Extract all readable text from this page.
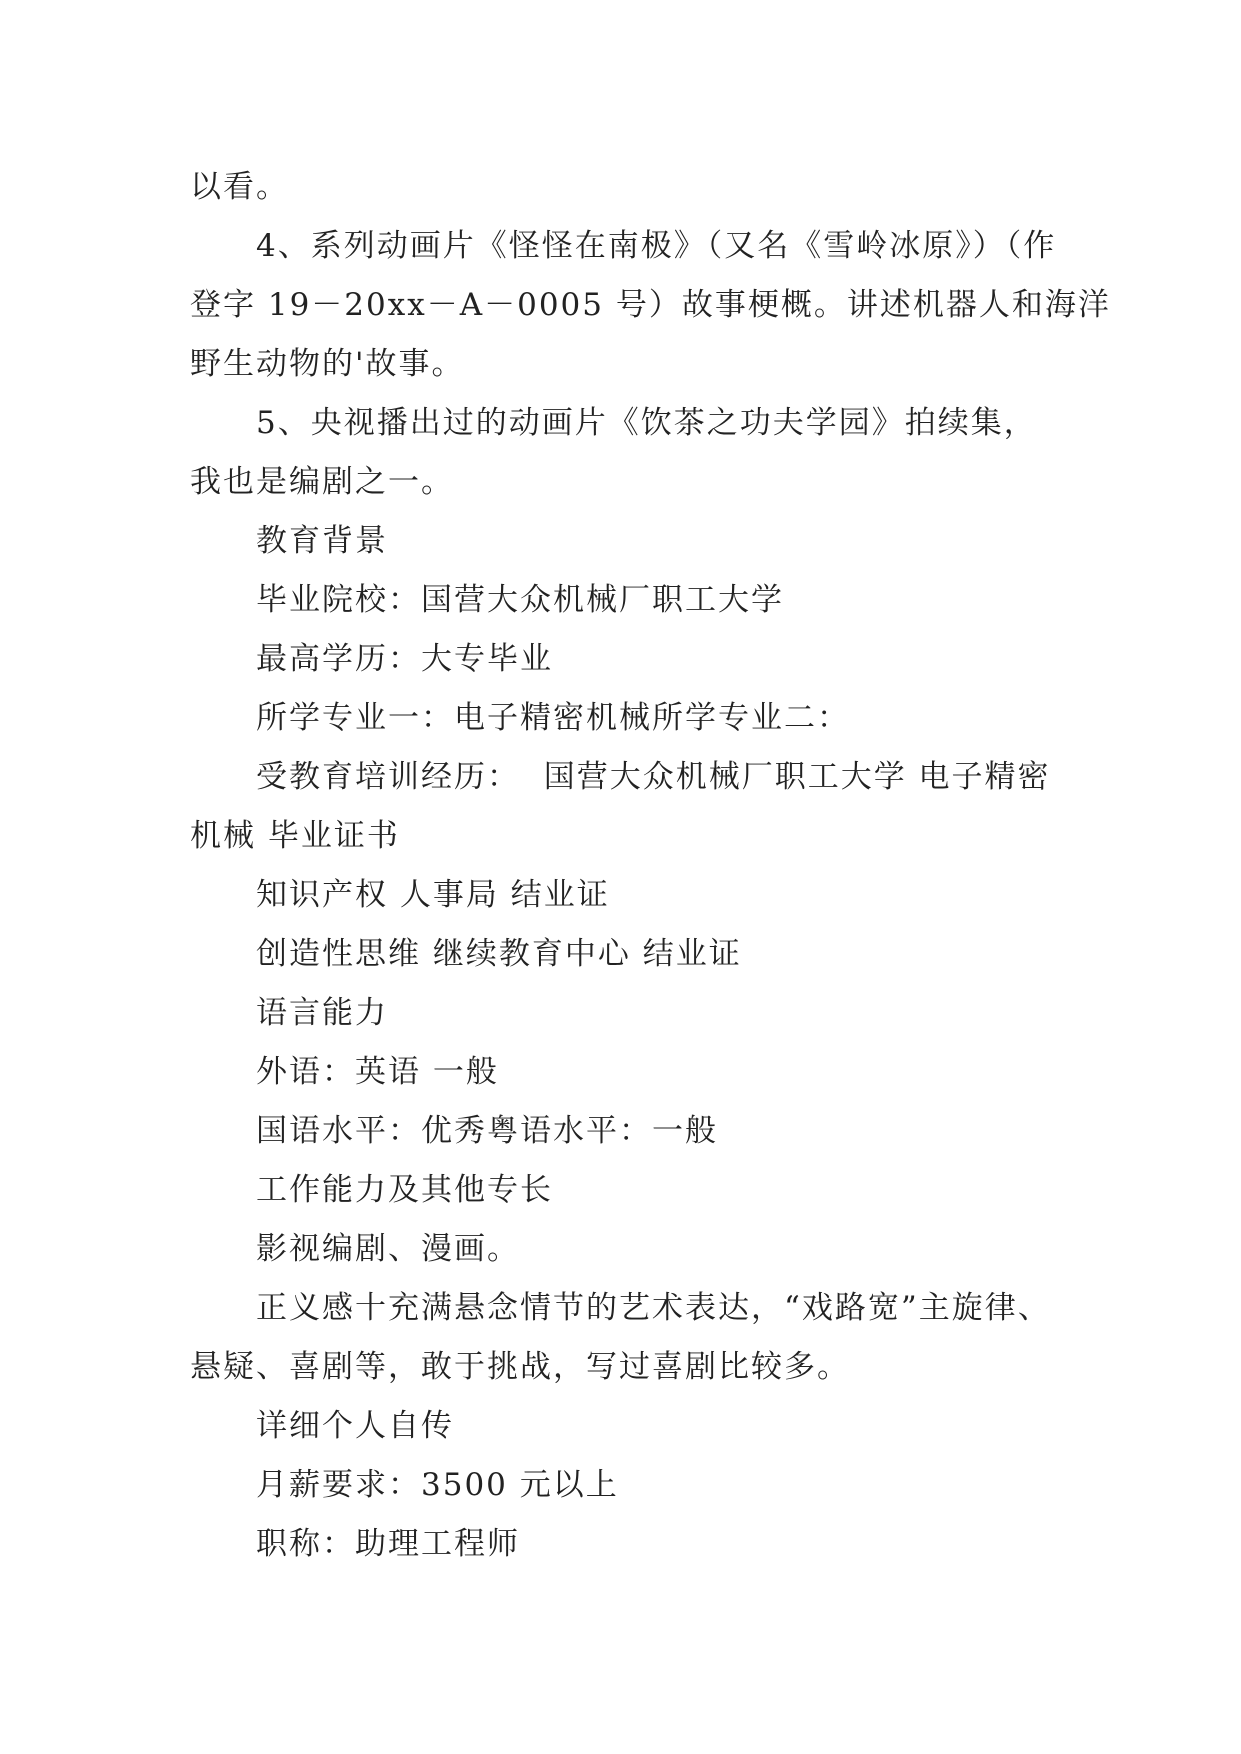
以看。
4、系列动画片《怪怪在南极》（又名《雪岭冰原》）（作
登字 19－20xx－A－0005 号）故事梗概。讲述机器人和海洋
野生动物的'故事。
5、央视播出过的动画片《饮茶之功夫学园》拍续集，
我也是编剧之一。
教育背景
毕业院校：国营大众机械厂职工大学
最高学历：大专毕业
所学专业一：电子精密机械所学专业二：
受教育培训经历：  国营大众机械厂职工大学 电子精密
机械 毕业证书
知识产权 人事局 结业证
创造性思维 继续教育中心 结业证
语言能力
外语：英语 一般
国语水平：优秀粤语水平：一般
工作能力及其他专长
影视编剧、漫画。
正义感十充满悬念情节的艺术表达，“戏路宽”主旋律、
悬疑、喜剧等，敢于挑战，写过喜剧比较多。
详细个人自传
月薪要求：3500 元以上
职称：助理工程师
